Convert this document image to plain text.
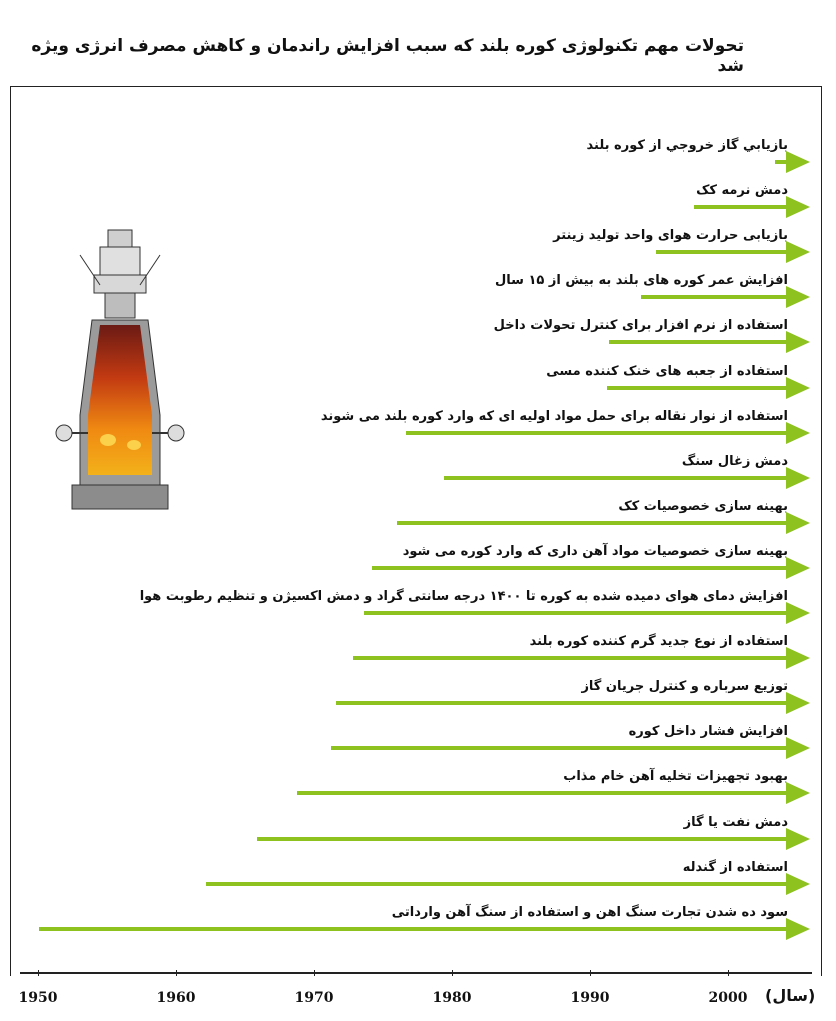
تحولات مهم تکنولوژی کوره بلند که سبب افزایش راندمان و کاهش مصرف انرژی ویژه شد
بازيابي گاز خروجي از كوره بلند
دمش نرمه کک
بازیابی حرارت هوای واحد تولید زینتر
افزایش عمر کوره های بلند به بیش از ۱۵ سال
استفاده از نرم افزار برای کنترل تحولات داخل
استفاده از جعبه های خنک کننده مسی
استفاده از نوار نقاله برای حمل مواد اولیه ای که وارد کوره بلند می شوند
دمش زغال سنگ
بهینه سازی خصوصیات کک
بهینه سازی خصوصیات مواد آهن داری که وارد کوره می شود
افزایش دمای هوای دمیده شده به کوره تا ۱۴۰۰ درجه سانتی گراد و دمش اکسیژن و تنظیم رطوبت هوا
استفاده از نوع جدید گرم کننده کوره بلند
توزیع سرباره و کنترل جریان گاز
افزایش فشار داخل کوره
بهبود تجهیزات تخلیه آهن خام مذاب
دمش نفت یا گاز
استفاده از گندله
سود ده شدن تجارت سنگ اهن و استفاده از سنگ آهن وارداتی
1950	1960	1970	1980	1990	2000 (سال)
